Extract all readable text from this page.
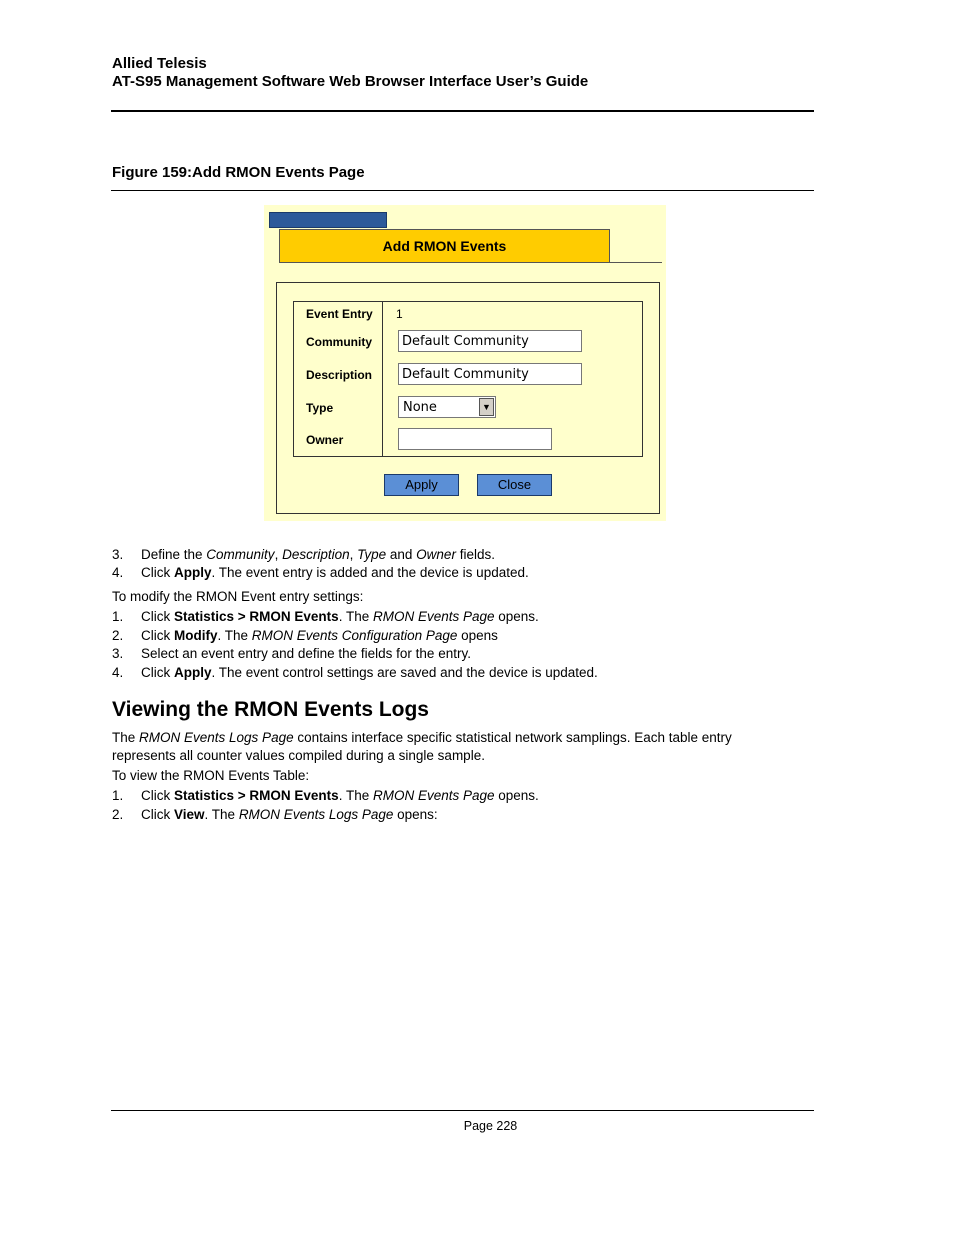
Allied Telesis
AT-S95 Management Software Web Browser Interface User’s Guide
Figure 159:Add RMON Events Page
Add RMON Events
Event Entry 1
Community	Default Community
Description	Default Community
Type	None	▼
Owner
Apply	Close
3. Define the Community, Description, Type and Owner fields.
4. Click Apply. The event entry is added and the device is updated.
To modify the RMON Event entry settings:
1. Click Statistics > RMON Events. The RMON Events Page opens.
2. Click Modify. The RMON Events Configuration Page opens
3. Select an event entry and define the fields for the entry.
4. Click Apply. The event control settings are saved and the device is updated.
Viewing the RMON Events Logs
The RMON Events Logs Page contains interface specific statistical network samplings. Each table entry
represents all counter values compiled during a single sample.
To view the RMON Events Table:
1. Click Statistics > RMON Events. The RMON Events Page opens.
2. Click View. The RMON Events Logs Page opens:
Page 228
